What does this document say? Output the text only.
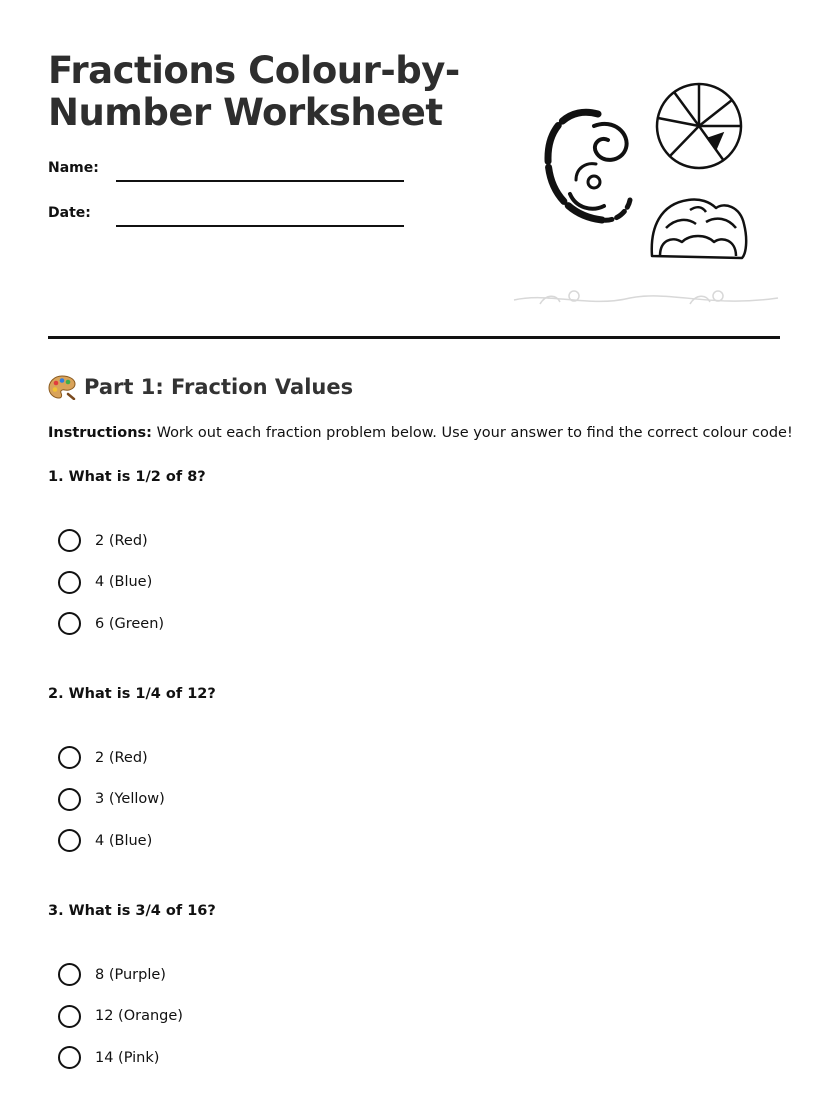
Fractions Colour-by-Number Worksheet
Name:
Date:
Part 1: Fraction Values

Instructions: Work out each fraction problem below. Use your answer to find the correct colour code!

1. What is 1/2 of 8?
2 (Red)
4 (Blue)
6 (Green)
2. What is 1/4 of 12?
2 (Red)
3 (Yellow)
4 (Blue)
3. What is 3/4 of 16?
8 (Purple)
12 (Orange)
14 (Pink)
